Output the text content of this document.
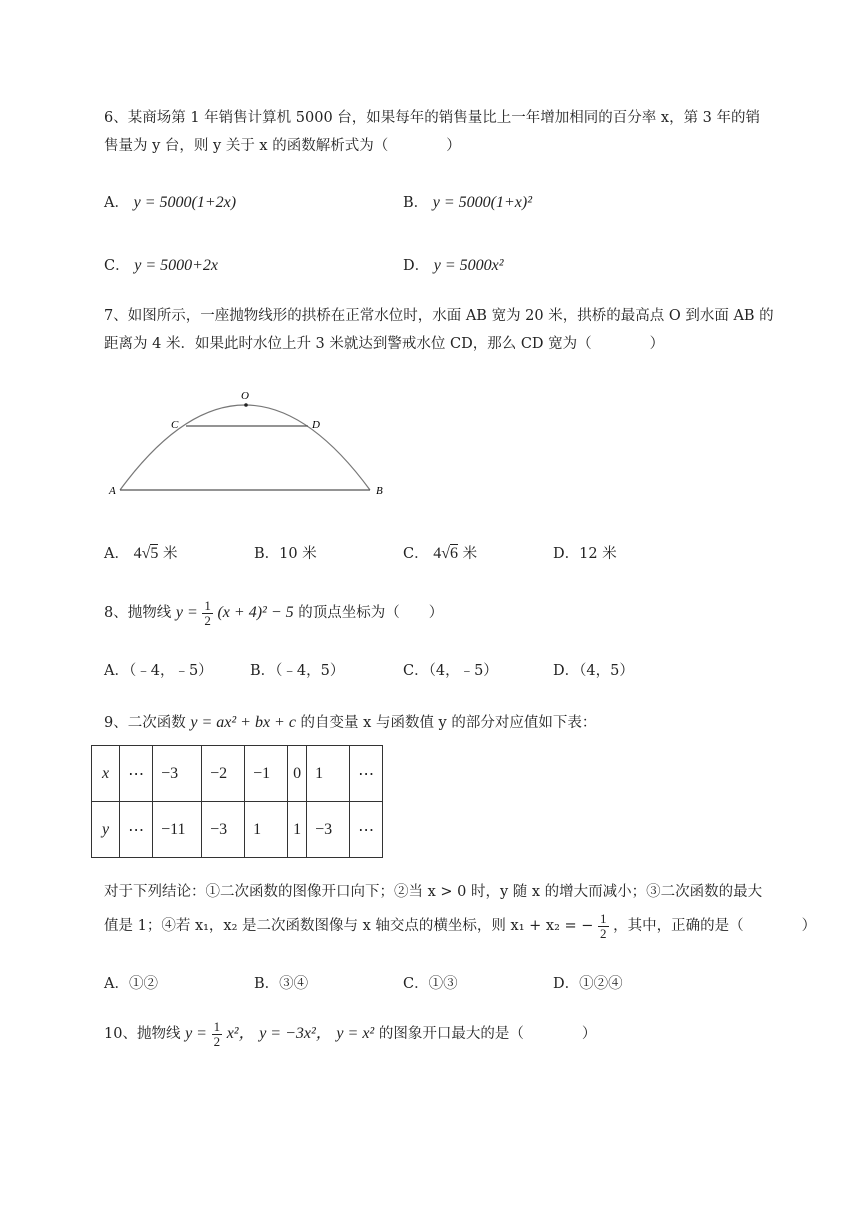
6、某商场第 1 年销售计算机 5000 台，如果每年的销售量比上一年增加相同的百分率 x，第 3 年的销
售量为 y 台，则 y 关于 x 的函数解析式为（　　　　）
A． y = 5000(1+2x)	B． y = 5000(1+x)²
C． y = 5000+2x	D． y = 5000x²
7、如图所示，一座抛物线形的拱桥在正常水位时，水面 AB 宽为 20 米，拱桥的最高点 O 到水面 AB 的
距离为 4 米．如果此时水位上升 3 米就达到警戒水位 CD，那么 CD 宽为（　　　　）
O
C	D
A	B
A． 4√5 米	B．10 米	C． 4√6 米	D．12 米
8、抛物线 $y = \frac{1}{2} (x + 4)^2 - 5$ 的顶点坐标为（　　）
A．（﹣4，﹣5）	B．（﹣4，5）	C．（4，﹣5）	D．（4，5）
9、二次函数 y = ax² + bx + c 的自变量 x 与函数值 y 的部分对应值如下表：
x	⋯	−3	−2	−1	0	1	⋯
y	⋯	−11	−3	1	1	−3	⋯
对于下列结论：①二次函数的图像开口向下；②当 x > 0 时，y 随 x 的增大而减小；③二次函数的最大
值是 1；④若 x₁，x₂ 是二次函数图像与 x 轴交点的横坐标，则 x₁ + x₂ = − $\frac{1}{2}$ ，其中，正确的是（　　　　）
A．①②	B．③④	C．①③	D．①②④
10、抛物线 $y = \frac{1}{2} x^2$， y = −3x²， y = x² 的图象开口最大的是（　　　　）
